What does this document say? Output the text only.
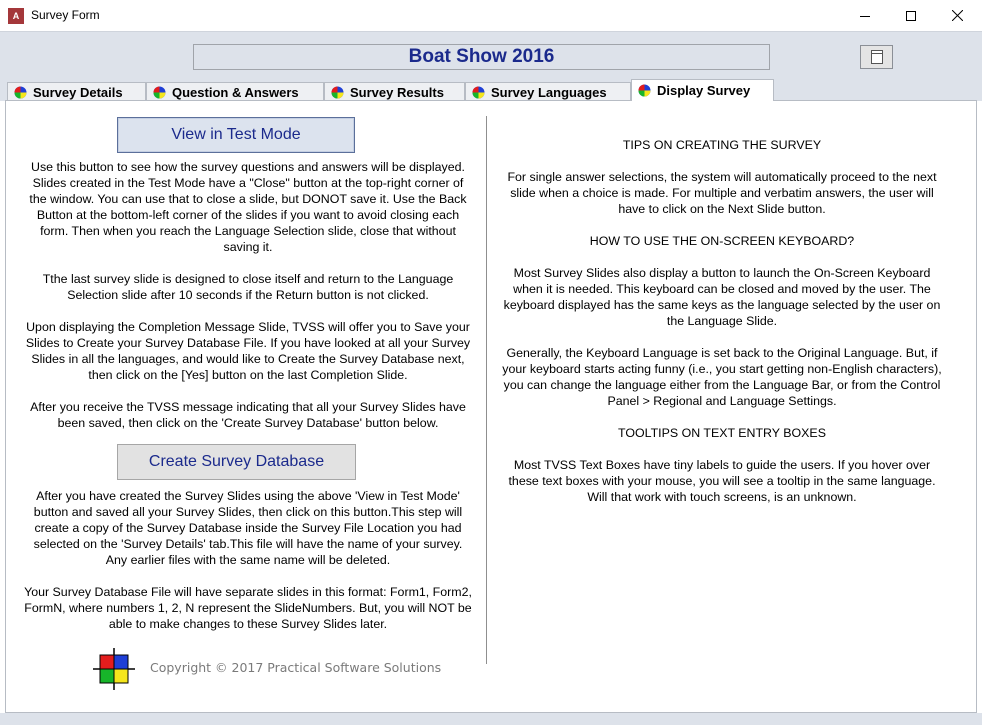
A Survey Form
Boat Show 2016
Survey Details	Question & Answers	Survey Results	Survey Languages	Display Survey
View in Test Mode

Use this button to see how the survey questions and answers will be displayed. Slides created in the Test Mode have a "Close" button at the top-right corner of the window. You can use that to close a slide, but DONOT save it. Use the Back Button at the bottom-left corner of the slides if you want to avoid closing each form. Then when you reach the Language Selection slide, close that without saving it.

Tthe last survey slide is designed to close itself and return to the Language Selection slide after 10 seconds if the Return button is not clicked.

Upon displaying the Completion Message Slide, TVSS will offer you to Save your Slides to Create your Survey Database File. If you have looked at all your Survey Slides in all the languages, and would like to Create the Survey Database next, then click on the [Yes] button on the last Completion Slide.

After you receive the TVSS message indicating that all your Survey Slides have been saved, then click on the 'Create Survey Database' button below.

Create Survey Database

After you have created the Survey Slides using the above 'View in Test Mode' button and saved all your Survey Slides, then click on this button.This step will create a copy of the Survey Database inside the Survey File Location you had selected on the 'Survey Details' tab.This file will have the name of your survey. Any earlier files with the same name will be deleted.

Your Survey Database File will have separate slides in this format: Form1, Form2, FormN, where numbers 1, 2, N represent the SlideNumbers. But, you will NOT be able to make changes to these Survey Slides later.

Copyright © 2017 Practical Software Solutions

TIPS ON CREATING THE SURVEY

For single answer selections, the system will automatically proceed to the next slide when a choice is made. For multiple and verbatim answers, the user will have to click on the Next Slide button.

HOW TO USE THE ON-SCREEN KEYBOARD?

Most Survey Slides also display a button to launch the On-Screen Keyboard when it is needed. This keyboard can be closed and moved by the user. The keyboard displayed has the same keys as the language selected by the user on the Language Slide.

Generally, the Keyboard Language is set back to the Original Language. But, if your keyboard starts acting funny (i.e., you start getting non-English characters), you can change the language either from the Language Bar, or from the Control Panel > Regional and Language Settings.

TOOLTIPS ON TEXT ENTRY BOXES

Most TVSS Text Boxes have tiny labels to guide the users. If you hover over these text boxes with your mouse, you will see a tooltip in the same language. Will that work with touch screens, is an unknown.
